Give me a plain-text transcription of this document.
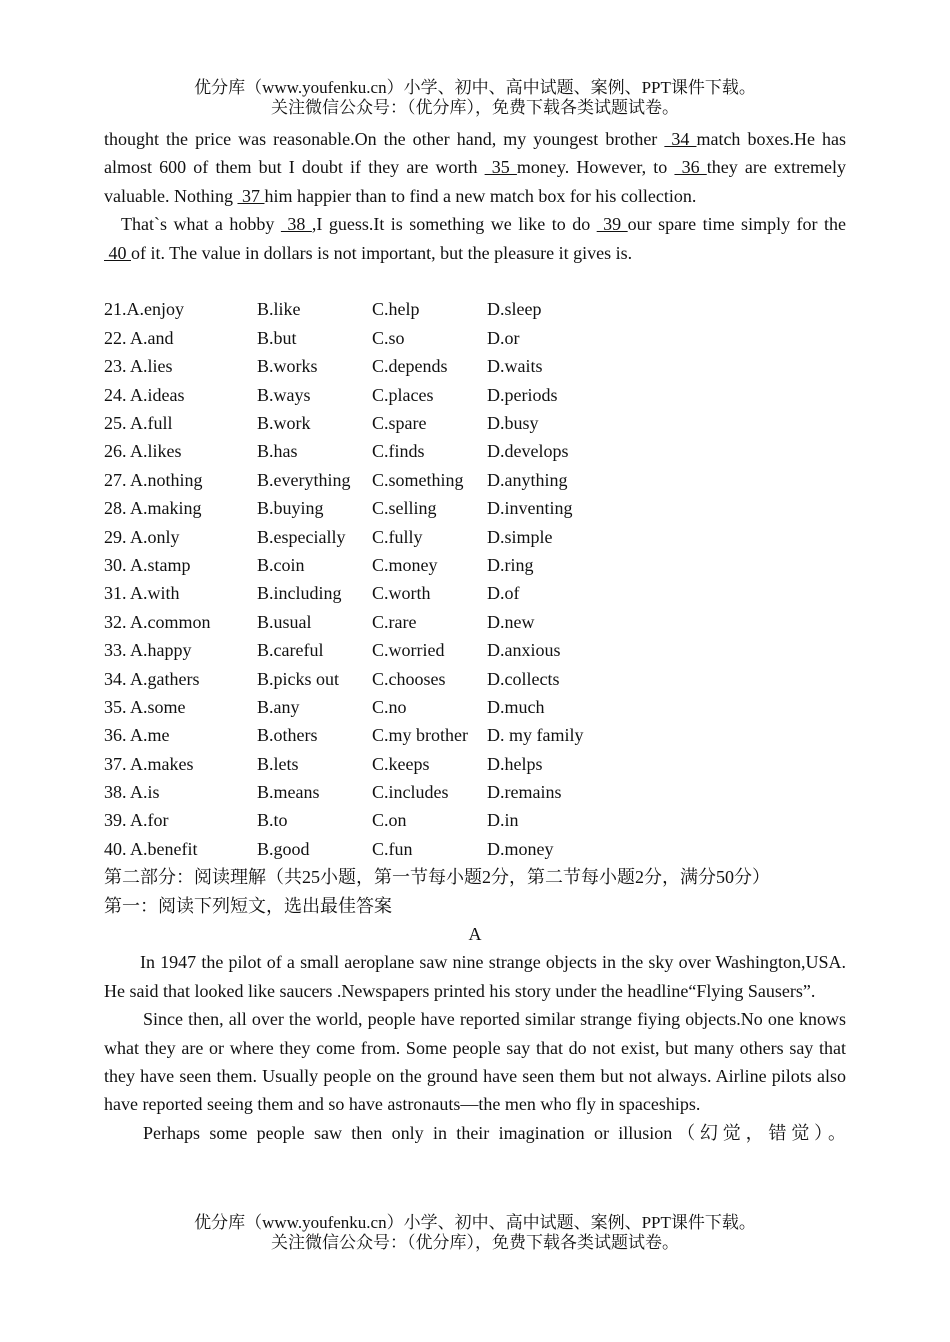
优分库（www.youfenku.cn）小学、初中、高中试题、案例、PPT课件下载。
关注微信公众号：（优分库），免费下载各类试题试卷。

thought the price was reasonable.On the other hand, my youngest brother  34 match boxes.He has almost 600 of them but I doubt if they are worth  35 money. However, to  36 they are extremely valuable. Nothing  37 him happier than to find a new match box for his collection.

That`s what a hobby  38 ,I guess.It is something we like to do  39 our spare time simply for the  40 of it. The value in dollars is not important, but the pleasure it gives is.

21.A.enjoy	B.like	C.help	D.sleep
22. A.and	B.but	C.so	D.or
23. A.lies	B.works	C.depends	D.waits
24. A.ideas	B.ways	C.places	D.periods
25. A.full	B.work	C.spare	D.busy
26. A.likes	B.has	C.finds	D.develops
27. A.nothing	B.everything	C.something	D.anything
28. A.making	B.buying	C.selling	D.inventing
29. A.only	B.especially	C.fully	D.simple
30. A.stamp	B.coin	C.money	D.ring
31. A.with	B.including	C.worth	D.of
32. A.common	B.usual	C.rare	D.new
33. A.happy	B.careful	C.worried	D.anxious
34. A.gathers	B.picks out	C.chooses	D.collects
35. A.some	B.any	C.no	D.much
36. A.me	B.others	C.my brother	D. my family
37. A.makes	B.lets	C.keeps	D.helps
38. A.is	B.means	C.includes	D.remains
39. A.for	B.to	C.on	D.in
40. A.benefit	B.good	C.fun	D.money
第二部分：阅读理解（共25小题，第一节每小题2分，第二节每小题2分，满分50分）
第一：阅读下列短文，选出最佳答案
A

In 1947 the pilot of a small aeroplane saw nine strange objects in the sky over Washington,USA. He said that looked like saucers .Newspapers printed his story under the headline“Flying Sausers”.

Since then, all over the world, people have reported similar strange fiying objects.No one knows what they are or where they come from. Some people say that do not exist, but many others say that they have seen them. Usually people on the ground have seen them but not always. Airline pilots also have reported seeing them and so have astronauts—the men who fly in spaceships.

Perhaps some people saw then only in their imagination or illusion（幻觉，错觉）。

优分库（www.youfenku.cn）小学、初中、高中试题、案例、PPT课件下载。
关注微信公众号：（优分库），免费下载各类试题试卷。
